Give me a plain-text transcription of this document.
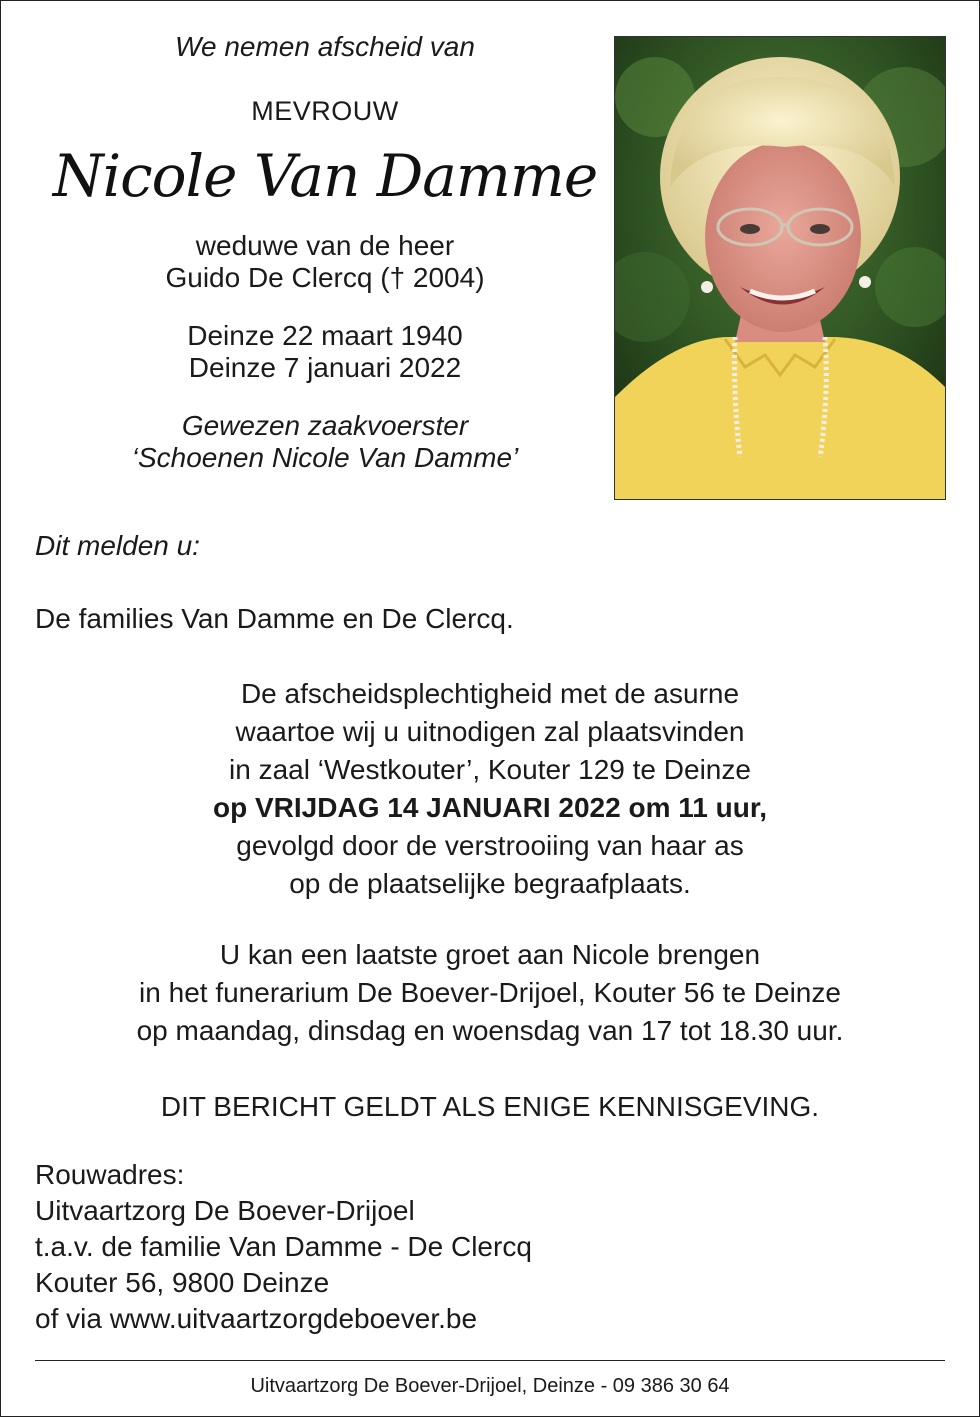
We nemen afscheid van

MEVROUW

Nicole Van Damme

weduwe van de heer
Guido De Clercq († 2004)
Deinze 22 maart 1940
Deinze 7 januari 2022
Gewezen zaakvoerster
‘Schoenen Nicole Van Damme’

Dit melden u:

De families Van Damme en De Clercq.

De afscheidsplechtigheid met de asurne
waartoe wij u uitnodigen zal plaatsvinden
in zaal ‘Westkouter’, Kouter 129 te Deinze
op VRIJDAG 14 JANUARI 2022 om 11 uur,
gevolgd door de verstrooiing van haar as
op de plaatselijke begraafplaats.
U kan een laatste groet aan Nicole brengen
in het funerarium De Boever-Drijoel, Kouter 56 te Deinze
op maandag, dinsdag en woensdag van 17 tot 18.30 uur.
DIT BERICHT GELDT ALS ENIGE KENNISGEVING.
Rouwadres:
Uitvaartzorg De Boever-Drijoel
t.a.v. de familie Van Damme - De Clercq
Kouter 56, 9800 Deinze
of via www.uitvaartzorgdeboever.be
Uitvaartzorg De Boever-Drijoel, Deinze - 09 386 30 64
